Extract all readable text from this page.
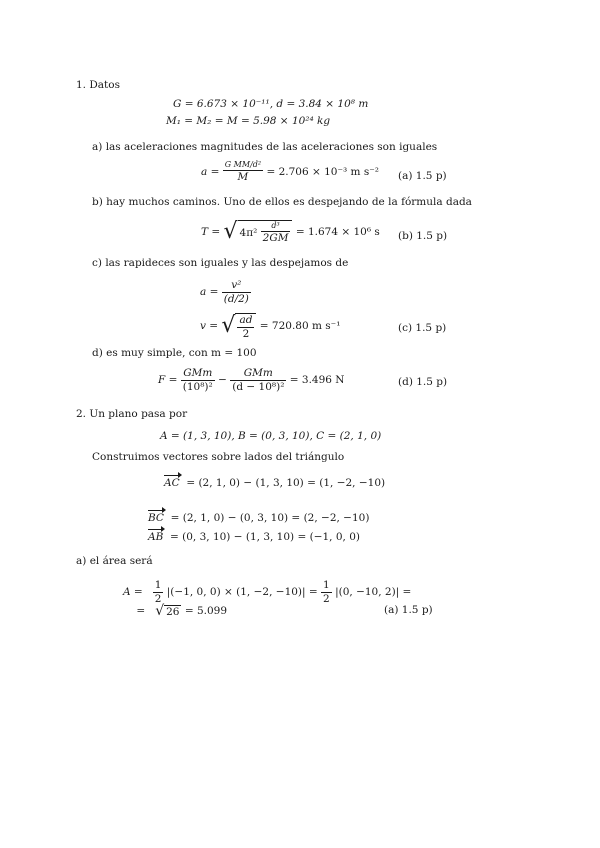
1. Datos
G = 6.673 × 10⁻¹¹, d = 3.84 × 10⁸ m
M₁ = M₂ = M = 5.98 × 10²⁴ kg
a) las aceleraciones magnitudes de las aceleraciones son iguales
$a = \frac{\text{G MM/d²}}{M} = 2.706 \times 10^{-3}$ m s⁻² (a) 1.5 p)
b) hay muchos caminos. Uno de ellos es despejando de la fórmula dada
T = √ $4\pi^2 \frac{\text{d³}}{2GM} = 1.674 \times 10^6$ s (b) 1.5 p)
c) las rapideces son iguales y las despejamos de
$a = \frac{\text{v²}}{(d/2)}$
v = √ $\frac{ad}{2} = 720.80$ m s⁻¹	(c) 1.5 p)
d) es muy simple, con m = 100
$F = \frac{\text{GMm}}{\text{(10⁸)²}} - \frac{\text{GMm}}{\text{(d − 10⁸)²}} = 3.496$ N	(d) 1.5 p)
2. Un plano pasa por
A = (1, 3, 10), B = (0, 3, 10), C = (2, 1, 0)
Construimos vectores sobre lados del triángulo
AC = (2, 1, 0) − (1, 3, 10) = (1, −2, −10)
BC = (2, 1, 0) − (0, 3, 10) = (2, −2, −10)
AB = (0, 3, 10) − (1, 3, 10) = (−1, 0, 0)
a) el área será
$A = \frac{1}{2} |(-1$, 0, 0) × (1, −2, $-10)| = \frac{1}{2} |(0$, −10, 2)| =
= √ 26 = 5.099	(a) 1.5 p)
